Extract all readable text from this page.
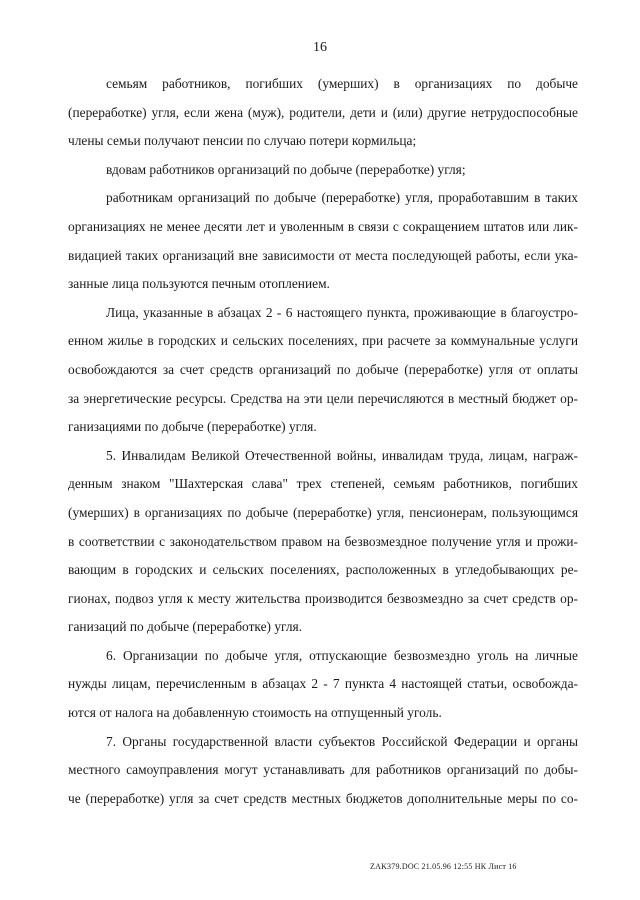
16
семьям работников, погибших (умерших) в организациях по добыче
(переработке) угля, если жена (муж), родители, дети и (или) другие нетрудоспособные
члены семьи получают пенсии по случаю потери кормильца;
вдовам работников организаций по добыче (переработке) угля;
работникам организаций по добыче (переработке) угля, проработавшим в таких
организациях не менее десяти лет и уволенным в связи с сокращением штатов или лик-
видацией таких организаций вне зависимости от места последующей работы, если ука-
занные лица пользуются печным отоплением.
Лица, указанные в абзацах 2 - 6 настоящего пункта, проживающие в благоустро-
енном жилье в городских и сельских поселениях, при расчете за коммунальные услуги
освобождаются за счет средств организаций по добыче (переработке) угля от оплаты
за энергетические ресурсы. Средства на эти цели перечисляются в местный бюджет ор-
ганизациями по добыче (переработке) угля.
5. Инвалидам Великой Отечественной войны, инвалидам труда, лицам, награж-
денным знаком "Шахтерская слава" трех степеней, семьям работников, погибших
(умерших) в организациях по добыче (переработке) угля, пенсионерам, пользующимся
в соответствии с законодательством правом на безвозмездное получение угля и прожи-
вающим в городских и сельских поселениях, расположенных в угледобывающих ре-
гионах, подвоз угля к месту жительства производится безвозмездно за счет средств ор-
ганизаций по добыче (переработке) угля.
6. Организации по добыче угля, отпускающие безвозмездно уголь на личные
нужды лицам, перечисленным в абзацах 2 - 7 пункта 4 настоящей статьи, освобожда-
ются от налога на добавленную стоимость на отпущенный уголь.
7. Органы государственной власти субъектов Российской Федерации и органы
местного самоуправления могут устанавливать для работников организаций по добы-
че (переработке) угля за счет средств местных бюджетов дополнительные меры по со-
ZAK379.DOC 21.05.96 12:55 НК Лист 16
